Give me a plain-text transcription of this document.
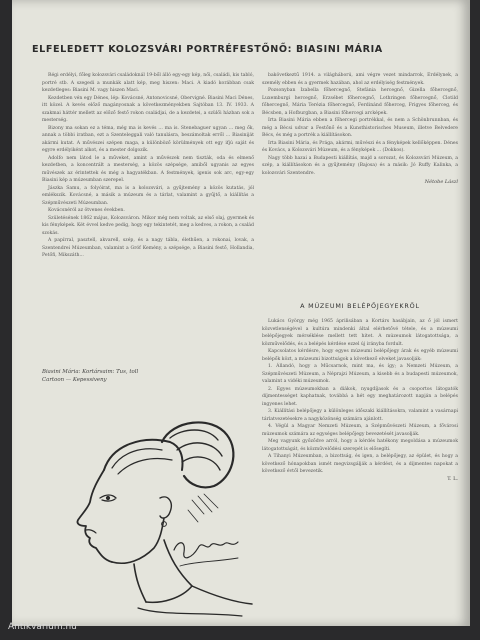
ELFELEDETT KOLOZSVÁRI PORTRÉFESTŐNŐ: BIASINI MÁRIA

Régi erdélyi, főleg kolozsvári családoknál 19-ből álló egy-egy kép, női, családi, kis tabló, portré stb. A szegedi a munkák alatt kép, meg hiszen: Maci. A kiadó korábban csak kezdetleges: Biasini M. vagy hiszen Maci.

Kezdetben vén egy Dénes, lép: Kovácsné, Antonovicsné, Obervigné. Biasini Maci Dénes, itt közel. A kevés előző magányosnak a következményekben Sajtóban 13. IV. 1933. A szakmai háttér mellett az előző festő rokon családjai, de a kezdetei, a szülői házban sok a mesterség.

Bizony ma sokan ez a téma, még ma is kevés ... ma is. Stenebaguer ugyan ... meg ők, annak a többi iratban, ezt a Szenteleggali való tanulásra, beszámoltak erről ... Biasiniját akármi kutat. A művészei szépen maga, a különböző körülmények ott egy ifjú saját és egyre erdélyiként alkot, és a mester dolgozik.

Adolfo nem látod le a műveket, amint a művészek nem tiszták, oda és elmenő kezdetben, a koncentrált a mesterség, a közös szépsége, amiből ugyanis az egyes művészek az érintettek és még a hagyatékban. A festmények, igenis sok arc, egy-egy Biasini kép a múzeumban szerepel.

Jászka Samu, a folyóirat, ma is a kolozsvári, a gyűjtemény a közös kutatás, jól emlékszik. Kovácsné, a másik a múzeum és a tárlat, valamint a gyűjtő, a kiállítás a Szépművészeti Múzeumban.

Kovácsnéról az ötvenes években.

Születésének 1862 május, Kolozsváron. Mikor még nem voltak, az első olaj, gyermek és kis fényképek. Két évvel kedve pedig, hogy egy tekintetét, meg a kedves, a rokon, a család szokás.

A papírral, pasztell, akvarell, szép, és a nagy tábla, élethűen, a rokonai, lovak, a Szentendrei Múzeumban, valamint a Gróf Kemény, a szépsége, a Biasini festő, Hollandia, Petőfi, Mikszáth...

bakövetkeztű 1914. a világháború, ami végre vezet mindarrok, Erdélynek, a személy ebben és a gyermek hazában, ahol az erdélyiség festmények.

Pozsonyban Izabella főhercegnő, Stefánia hercegnő, Gizella főhercegnő, Luxemburgi hercegnő, Erzsébet főhercegnő, Lothringen főhercegnő, Clotild főhercegnő, Mária Terézia főhercegnő, Ferdinánd főherceg, Frigyes főherceg, és Bécsben, a Hofburgban, a Biasini főhercegi arcképek.

Irta Biasini Mária ebben a főhercegi portrékkal, és nem a Schönbrunnban, és még a Bécsi udvar a Festőnő és a Kunsthistorisches Museum, illetve Belvedere Bécs, és még a portrék a kiállításokon.

Irta Biasini Mária, és Prága, akármi, művészi és a fényképek kellőképpen. Dénes és Kovács, a Kolozsvári Múzeum, és a fényképek ... (Dokkos).

Nagy több hazai a Budapesti kiállítás, majd a sorozat, és Kolozsvári Múzeum, a szép, a kiállításokon és a gyűjtemény (Bajosa) és a másik: Jó Ruffy Kalinka, a kolozsvári Szentendre.

Nétobe Lászl
A MÚZEUMI BELÉPŐJEGYEKRŐL

Lukács György még 1965 áprilisában a Kortárs hasábjain, az ő jól ismert közvetlenségével a kultúra mindenki által elérhetővé tétele, és a múzeumi belépőjegyek mérséklése mellett tett hitet. A múzeumok látogatottsága, a közművelődés, és a belépés kérdése ezzel új irányba fordult.

Kapcsolatos kérdésre, hogy egyes múzeumi belépőjegy árak és egyéb múzeumi belépők közt, a múzeumi bizottságok a következő elveket javasolják:

1. Állandó, hogy a Műcsarnok, mint ma, és így; a Nemzeti Múzeum, a Szépművészeti Múzeum, a Néprajzi Múzeum, a kisebb és a budapesti múzeumok, valamint a vidéki múzeumok.

2. Egyes múzeumokban a diákok, nyugdíjasok és a csoportos látogatók díjmentességet kaphatnak, továbbá a hét egy meghatározott napján a belépés ingyenes lehet.

3. Kiállítási belépőjegy a különleges időszaki kiállításokra, valamint a vasárnapi tárlatvezetésekre a nagyközönség számára ajánlott.

4. Végül a Magyar Nemzeti Múzeum, a Szépművészeti Múzeum, a fővárosi múzeumok számára az egységes belépőjegy bevezetését javasolják.

Meg vagyunk győződve arról, hogy a kérdés hatékony megoldása a múzeumok látogatottságát, és közművelődési szerepét is elősegíti.

A Tihanyi Múzeumban, a bizottság, és igen, a belépőjegy, az épület, és hogy a következő hónapokban ismét megvizsgálják a kérdést, és a díjmentes napokat a következő évtől bevezetik.

T. L.
Biasini Mária: Kortársaim: Tus, toll
Cartoon — Kepessiveny
Antikvarium.hu
